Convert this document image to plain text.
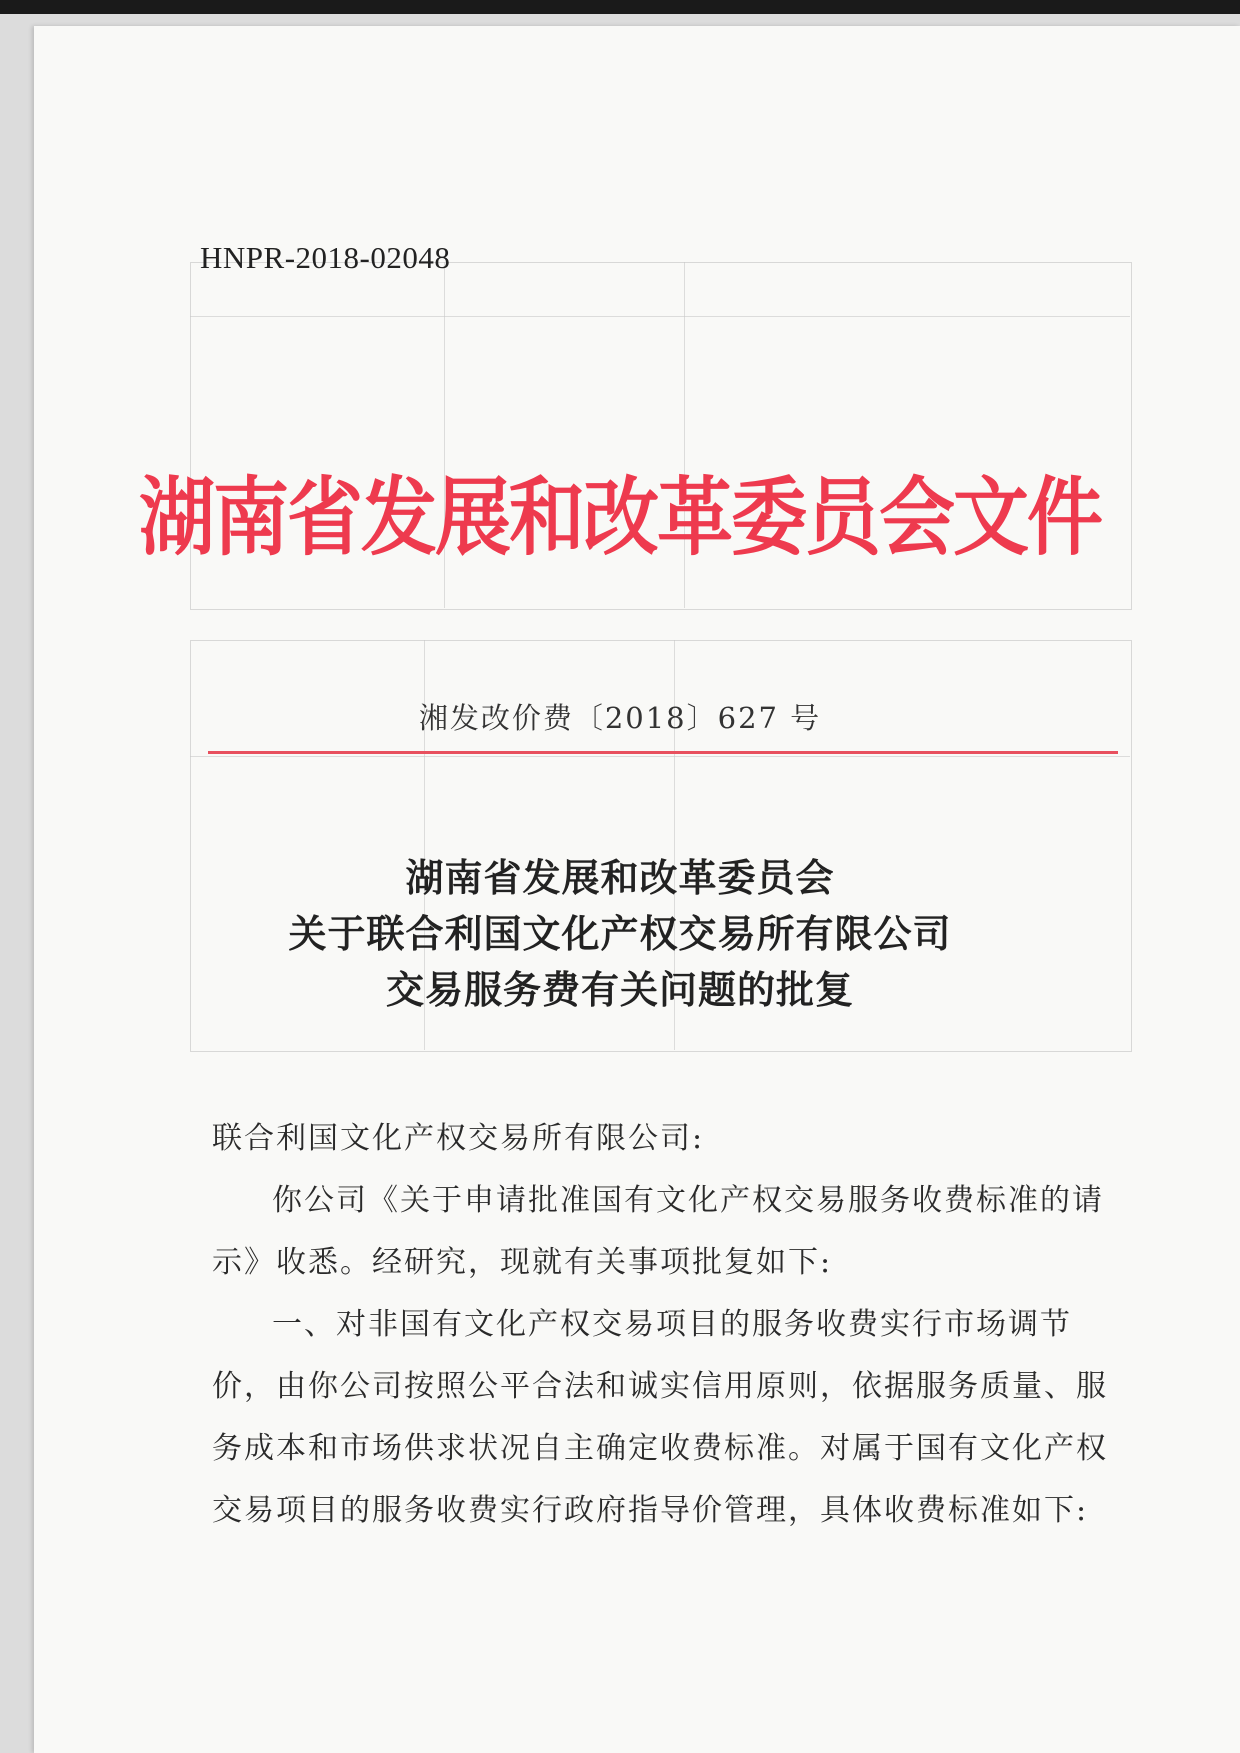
HNPR-2018-02048
湖南省发展和改革委员会文件
湘发改价费〔2018〕627 号
湖南省发展和改革委员会
关于联合利国文化产权交易所有限公司
交易服务费有关问题的批复

联合利国文化产权交易所有限公司:

你公司《关于申请批准国有文化产权交易服务收费标准的请示》收悉。经研究，现就有关事项批复如下:

一、对非国有文化产权交易项目的服务收费实行市场调节价，由你公司按照公平合法和诚实信用原则，依据服务质量、服务成本和市场供求状况自主确定收费标准。对属于国有文化产权交易项目的服务收费实行政府指导价管理，具体收费标准如下:
